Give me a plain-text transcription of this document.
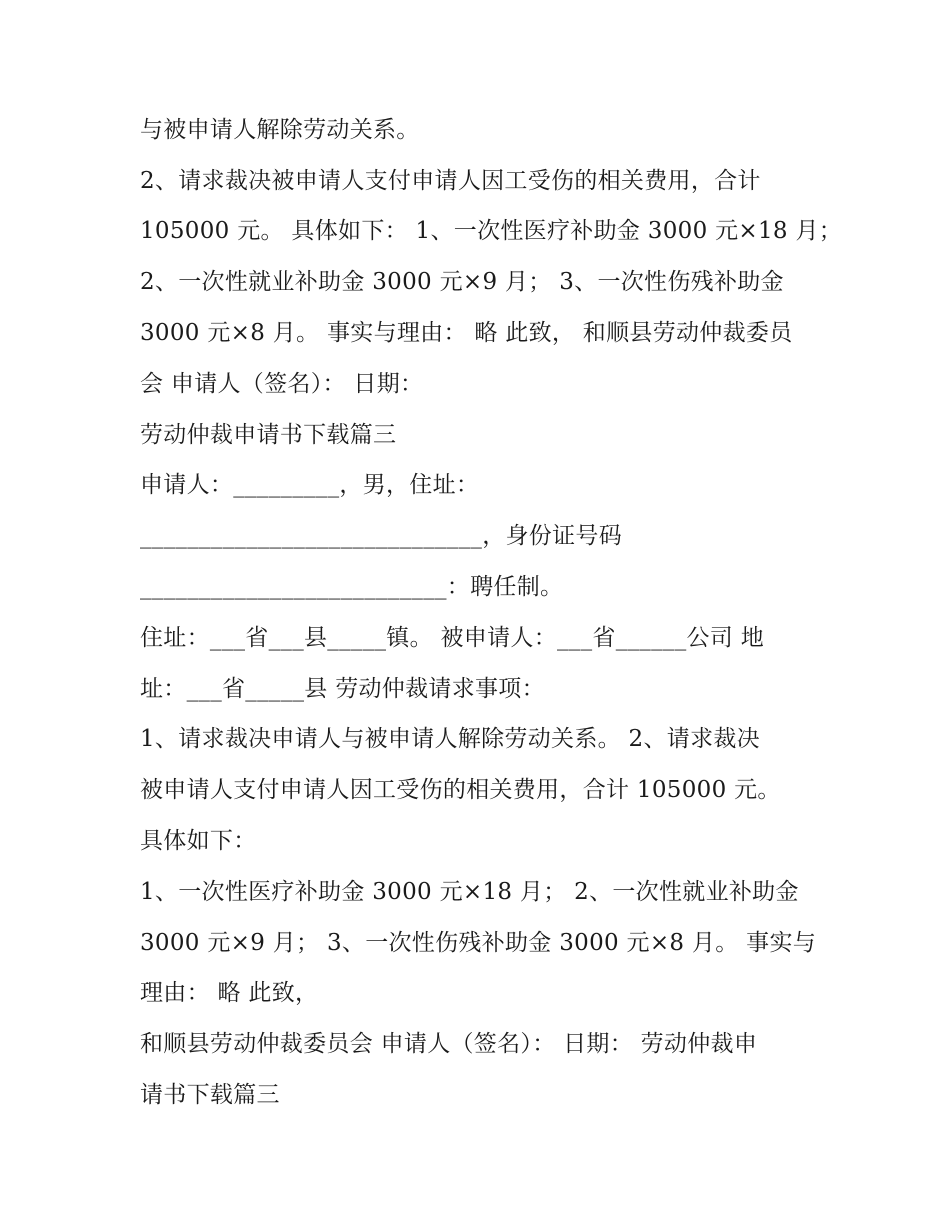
与被申请人解除劳动关系。
2、请求裁决被申请人支付申请人因工受伤的相关费用，合计
105000 元。 具体如下： 1、一次性医疗补助金 3000 元×18 月；
2、一次性就业补助金 3000 元×9 月； 3、一次性伤残补助金
3000 元×8 月。 事实与理由： 略 此致， 和顺县劳动仲裁委员
会 申请人（签名）： 日期：
劳动仲裁申请书下载篇三
申请人：_________，男，住址：
_____________________________，身份证号码
__________________________：聘任制。
住址：___省___县_____镇。 被申请人：___省______公司 地
址：___省_____县 劳动仲裁请求事项：
1、请求裁决申请人与被申请人解除劳动关系。 2、请求裁决
被申请人支付申请人因工受伤的相关费用，合计 105000 元。
具体如下：
1、一次性医疗补助金 3000 元×18 月； 2、一次性就业补助金
3000 元×9 月； 3、一次性伤残补助金 3000 元×8 月。 事实与
理由： 略 此致，
和顺县劳动仲裁委员会 申请人（签名）： 日期： 劳动仲裁申
请书下载篇三
